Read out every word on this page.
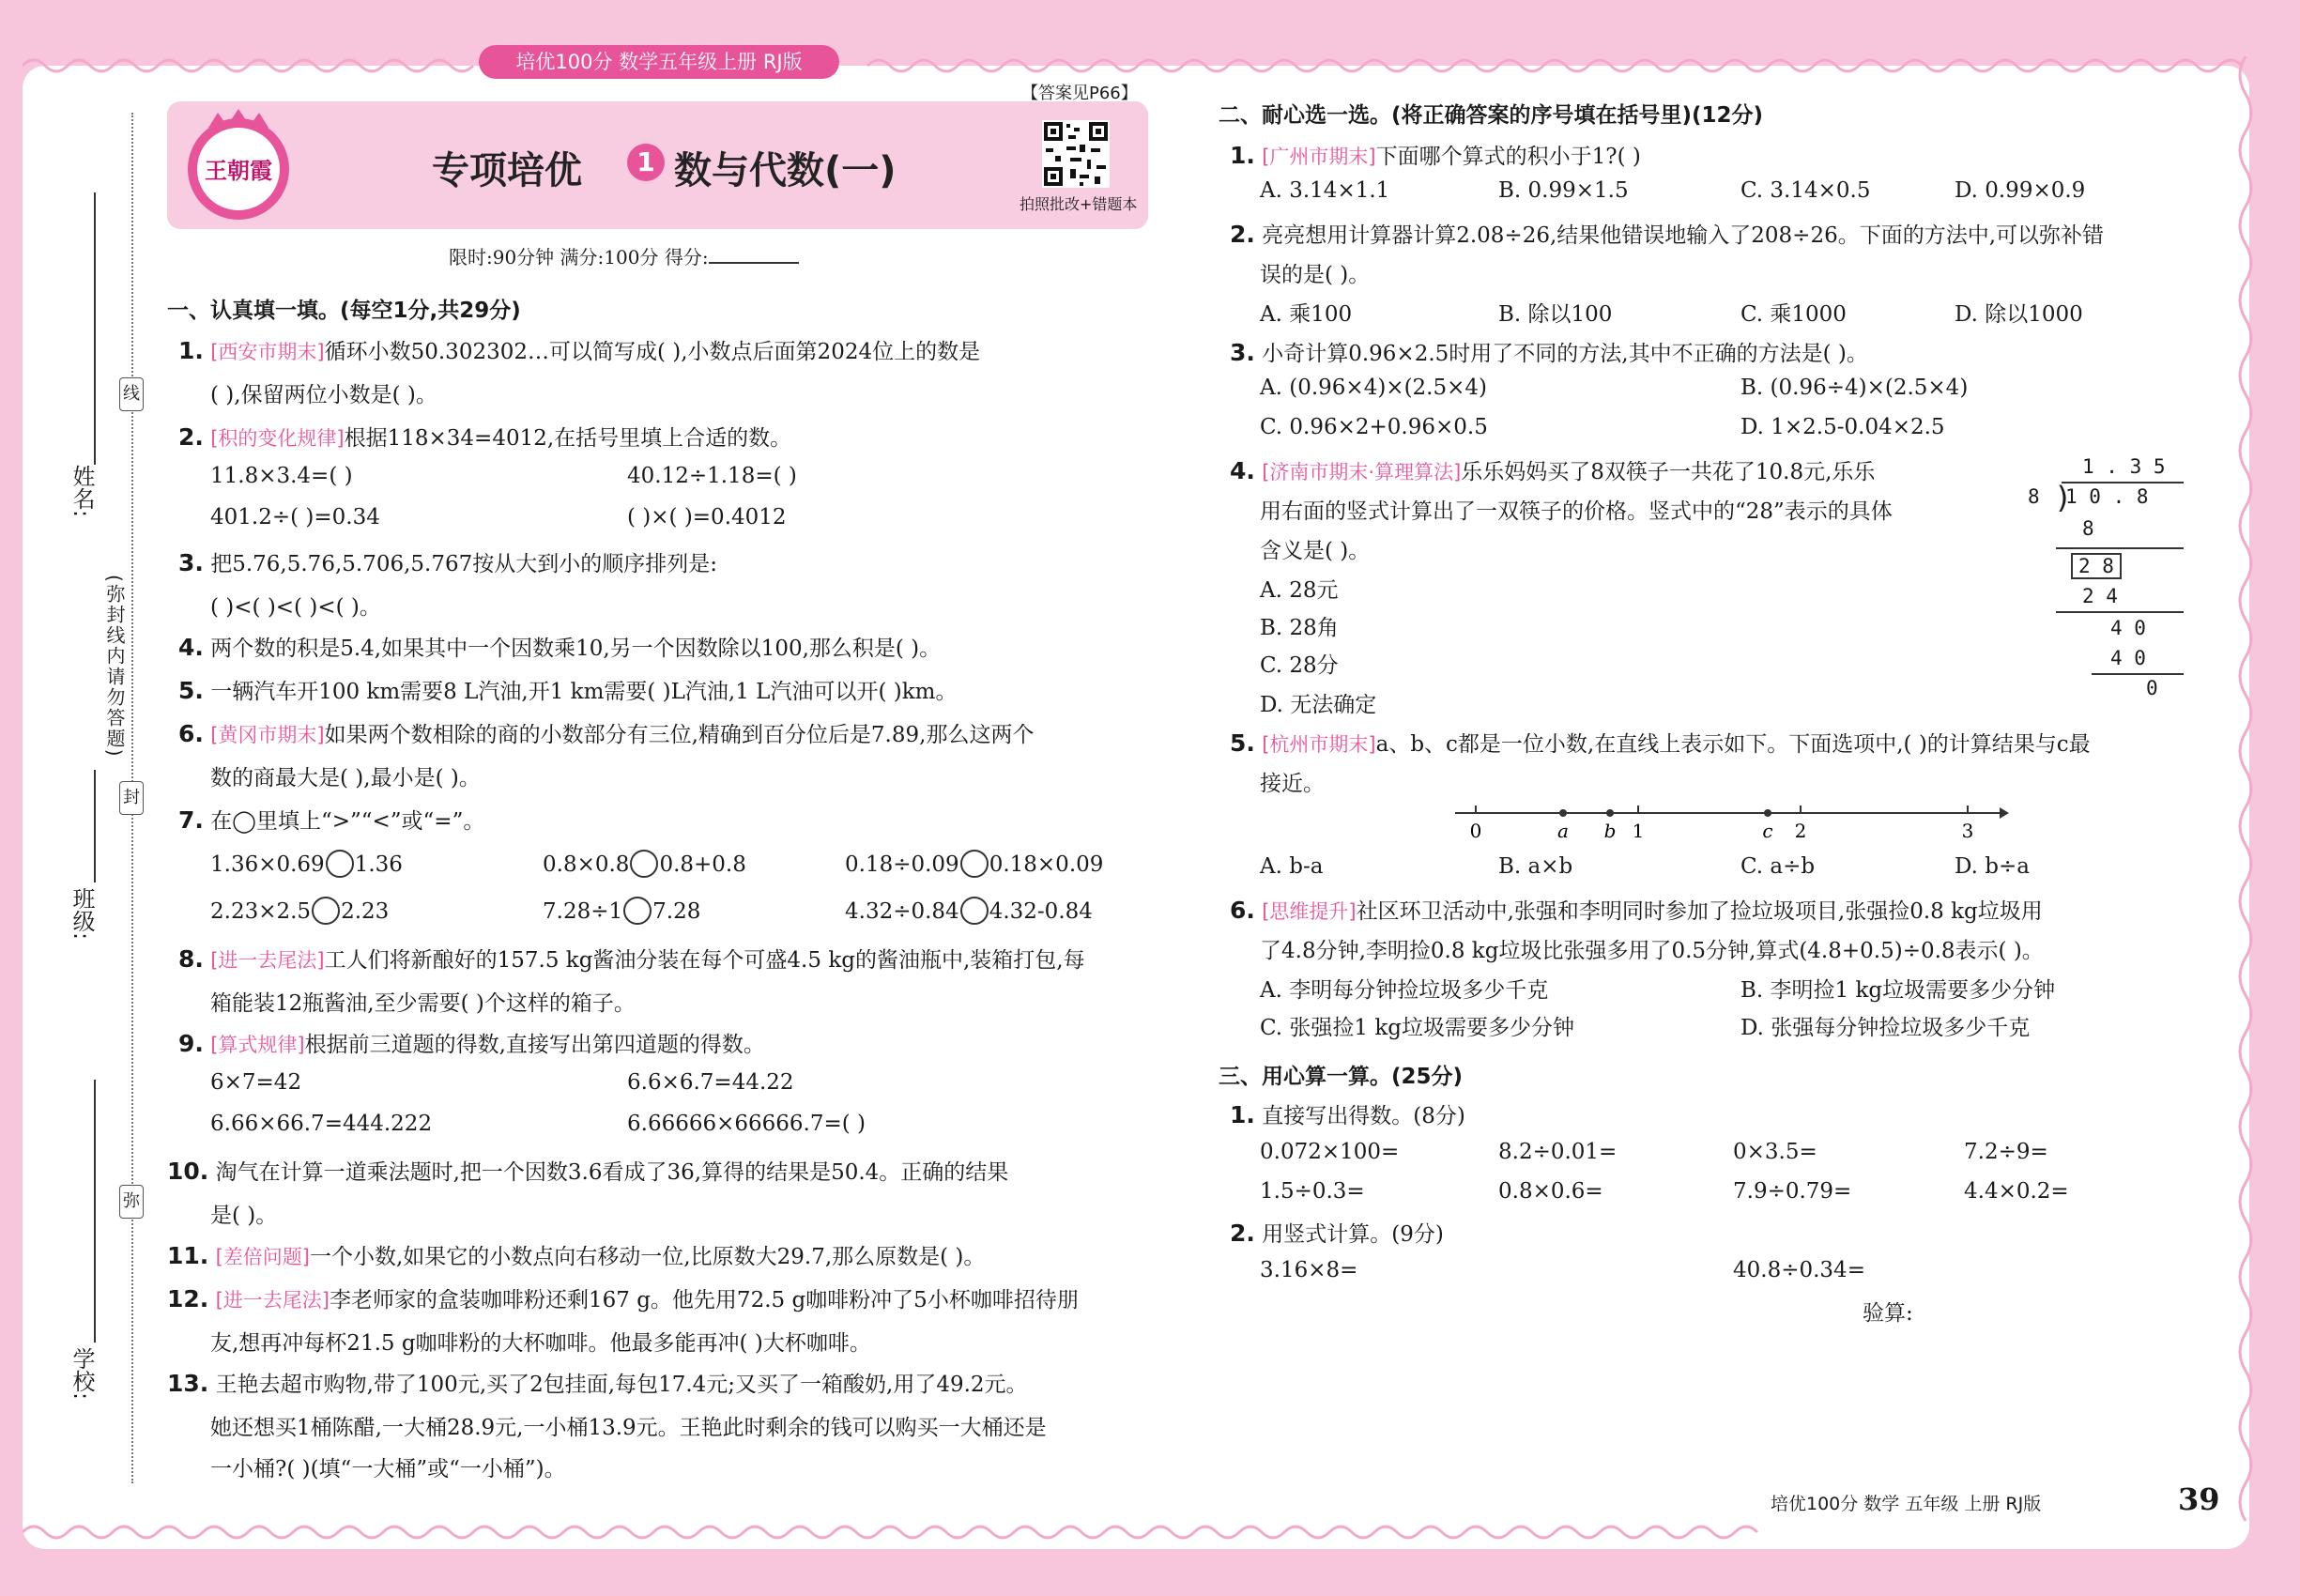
培优100分 数学五年级上册 RJ版
姓名:
班级:
学校:
线
封
弥
(弥封线内请勿答题)
王朝霞	专项培优	1 数与代数(一)
【答案见P66】
拍照批改+错题本
限时:90分钟 满分:100分 得分:
一、认真填一填。(每空1分,共29分)
1. [西安市期末]循环小数50.302302…可以简写成( ),小数点后面第2024位上的数是
( ),保留两位小数是( )。
2. [积的变化规律]根据118×34=4012,在括号里填上合适的数。
11.8×3.4=( )	40.12÷1.18=( )
401.2÷( )=0.34	( )×( )=0.4012
3. 把5.76,5.76,5.706,5.767按从大到小的顺序排列是:
( )<( )<( )<( )。
4. 两个数的积是5.4,如果其中一个因数乘10,另一个因数除以100,那么积是( )。
5. 一辆汽车开100 km需要8 L汽油,开1 km需要( )L汽油,1 L汽油可以开( )km。
6. [黄冈市期末]如果两个数相除的商的小数部分有三位,精确到百分位后是7.89,那么这两个
数的商最大是( ),最小是( )。
7. 在◯里填上“>”“<”或“=”。
1.36×0.69 1.36	0.8×0.8 0.8+0.8	0.18÷0.09 0.18×0.09
2.23×2.5 2.23	7.28÷1 7.28	4.32÷0.84 4.32-0.84
8. [进一去尾法]工人们将新酿好的157.5 kg酱油分装在每个可盛4.5 kg的酱油瓶中,装箱打包,每
箱能装12瓶酱油,至少需要( )个这样的箱子。
9. [算式规律]根据前三道题的得数,直接写出第四道题的得数。
6×7=42	6.6×6.7=44.22
6.66×66.7=444.222	6.66666×66666.7=( )
10. 淘气在计算一道乘法题时,把一个因数3.6看成了36,算得的结果是50.4。正确的结果
是( )。
11. [差倍问题]一个小数,如果它的小数点向右移动一位,比原数大29.7,那么原数是( )。
12. [进一去尾法]李老师家的盒装咖啡粉还剩167 g。他先用72.5 g咖啡粉冲了5小杯咖啡招待朋
友,想再冲每杯21.5 g咖啡粉的大杯咖啡。他最多能再冲( )大杯咖啡。
13. 王艳去超市购物,带了100元,买了2包挂面,每包17.4元;又买了一箱酸奶,用了49.2元。
她还想买1桶陈醋,一大桶28.9元,一小桶13.9元。王艳此时剩余的钱可以购买一大桶还是
一小桶?( )(填“一大桶”或“一小桶”)。
二、耐心选一选。(将正确答案的序号填在括号里)(12分)
1. [广州市期末]下面哪个算式的积小于1?( )
A. 3.14×1.1	B. 0.99×1.5	C. 3.14×0.5	D. 0.99×0.9
2. 亮亮想用计算器计算2.08÷26,结果他错误地输入了208÷26。下面的方法中,可以弥补错
误的是( )。
A. 乘100	B. 除以100	C. 乘1000	D. 除以1000
3. 小奇计算0.96×2.5时用了不同的方法,其中不正确的方法是( )。
A. (0.96×4)×(2.5×4)	B. (0.96÷4)×(2.5×4)
C. 0.96×2+0.96×0.5	D. 1×2.5-0.04×2.5
4. [济南市期末·算理算法]乐乐妈妈买了8双筷子一共花了10.8元,乐乐
用右面的竖式计算出了一双筷子的价格。竖式中的“28”表示的具体
含义是( )。
A. 28元
B. 28角
C. 28分
D. 无法确定
1 . 3 5
8 )
1 0 . 8
8
2 8
2 4
4 0
4 0
0
5. [杭州市期末]a、b、c都是一位小数,在直线上表示如下。下面选项中,( )的计算结果与c最
接近。
0	a b 1	c 2	3
A. b-a	B. a×b	C. a÷b	D. b÷a
6. [思维提升]社区环卫活动中,张强和李明同时参加了捡垃圾项目,张强捡0.8 kg垃圾用
了4.8分钟,李明捡0.8 kg垃圾比张强多用了0.5分钟,算式(4.8+0.5)÷0.8表示( )。
A. 李明每分钟捡垃圾多少千克	B. 李明捡1 kg垃圾需要多少分钟
C. 张强捡1 kg垃圾需要多少分钟	D. 张强每分钟捡垃圾多少千克
三、用心算一算。(25分)
1. 直接写出得数。(8分)
0.072×100=	8.2÷0.01=	0×3.5=	7.2÷9=
1.5÷0.3=	0.8×0.6=	7.9÷0.79=	4.4×0.2=
2. 用竖式计算。(9分)
3.16×8=	40.8÷0.34=
验算:
培优100分 数学 五年级 上册 RJ版	39
